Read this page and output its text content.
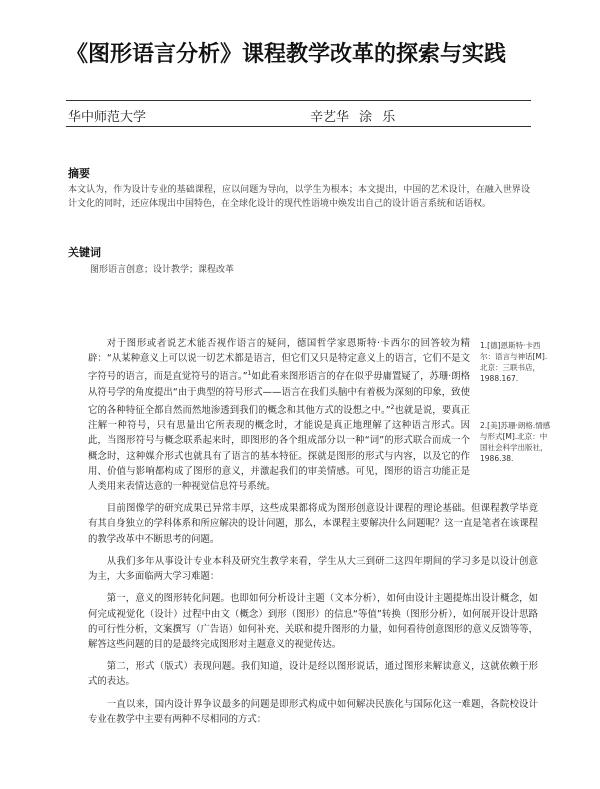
《图形语言分析》课程教学改革的探索与实践
华中师范大学	辛艺华 涂 乐
摘要
本文认为，作为设计专业的基础课程，应以问题为导向，以学生为根本；本文提出，中国的艺术设计，在融入世界设计文化的同时，还应体现出中国特色，在全球化设计的现代性语境中焕发出自己的设计语言系统和话语权。
关键词
图形语言创意；设计教学；课程改革

对于图形或者说艺术能否视作语言的疑问，德国哲学家恩斯特·卡西尔的回答较为精辟：“从某种意义上可以说一切艺术都是语言，但它们又只是特定意义上的语言，它们不是文字符号的语言，而是直觉符号的语言。”$^1$如此看来图形语言的存在似乎毋庸置疑了，苏珊·朗格从符号学的角度提出“由于典型的符号形式——语言在我们头脑中有着极为深刻的印象，致使它的各种特征全都自然而然地渗透到我们的概念和其他方式的设想之中。”$^2$也就是说，要真正注解一种符号，只有思量出它所表现的概念时，才能说是真正地理解了这种语言形式。因此，当图形符号与概念联系起来时，即图形的各个组成部分以一种“词”的形式联合而成一个概念时，这种媒介形式也就具有了语言的基本特征。探就是图形的形式与内容，以及它的作用、价值与影响都构成了图形的意义，并激起我们的审美情感。可见，图形的语言功能正是人类用来表情达意的一种视觉信息符号系统。

目前图像学的研究成果已异常丰厚，这些成果都将成为图形创意设计课程的理论基础。但课程教学毕竟有其自身独立的学科体系和所应解决的设计问题，那么，本课程主要解决什么问题呢？这一直是笔者在该课程的教学改革中不断思考的问题。

从我们多年从事设计专业本科及研究生教学来看，学生从大三到研二这四年期间的学习多是以设计创意为主，大多面临两大学习难题：

第一，意义的图形转化问题。也即如何分析设计主题（文本分析），如何由设计主题提炼出设计概念，如何完成视觉化（设计）过程中由文（概念）到形（图形）的信息“等值”转换（图形分析），如何展开设计思路的可行性分析，文案撰写（广告语）如何补充、关联和提升图形的力量，如何看待创意图形的意义反馈等等，解答这些问题的目的是最终完成图形对主题意义的视觉传达。

第二，形式（版式）表现问题。我们知道，设计是经以图形说话，通过图形来解读意义，这就依赖于形式的表达。

一直以来，国内设计界争议最多的问题是即形式构成中如何解决民族化与国际化这一难题，各院校设计专业在教学中主要有两种不尽相同的方式：

1.[德]恩斯特·卡西尔：语言与神话[M].北京：三联书店，1988.167.
2.[美]苏珊·朗格.情感与形式[M].北京：中国社会科学出版社，1986.38.
